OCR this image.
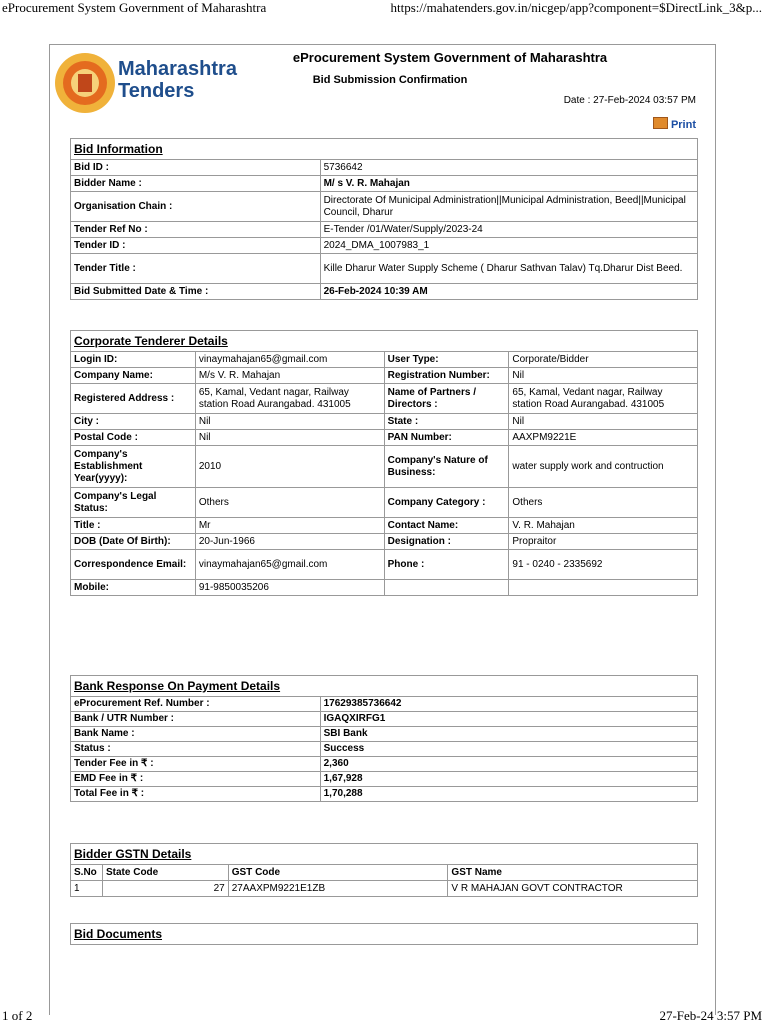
eProcurement System Government of Maharashtra	https://mahatenders.gov.in/nicgep/app?component=$DirectLink_3&p...
Maharashtra
Tenders
eProcurement System Government of Maharashtra
Bid Submission Confirmation
Date : 27-Feb-2024 03:57 PM
Print
Bid Information	
Bid ID :	5736642
Bidder Name :	M/ s V. R. Mahajan
Organisation Chain :	Directorate Of Municipal Administration||Municipal Administration, Beed||Municipal Council, Dharur
Tender Ref No :	E-Tender /01/Water/Supply/2023-24
Tender ID :	2024_DMA_1007983_1
Tender Title :	Kille Dharur Water Supply Scheme ( Dharur Sathvan Talav) Tq.Dharur Dist Beed.
Bid Submitted Date & Time :	26-Feb-2024 10:39 AM
Corporate Tenderer Details			
Login ID:	vinaymahajan65@gmail.com	User Type:	Corporate/Bidder
Company Name:	M/s V. R. Mahajan	Registration Number:	Nil
Registered Address :	65, Kamal, Vedant nagar, Railway station Road Aurangabad. 431005	Name of Partners / Directors :	65, Kamal, Vedant nagar, Railway station Road Aurangabad. 431005
City :	Nil	State :	Nil
Postal Code :	Nil	PAN Number:	AAXPM9221E
Company's Establishment Year(yyyy):	2010	Company's Nature of Business:	water supply work and contruction
Company's Legal Status:	Others	Company Category :	Others
Title :	Mr	Contact Name:	V. R. Mahajan
DOB (Date Of Birth):	20-Jun-1966	Designation :	Propraitor
Correspondence Email:	vinaymahajan65@gmail.com	Phone :	91 - 0240 - 2335692
Mobile:	91-9850035206		
Bank Response On Payment Details	
eProcurement Ref. Number :	17629385736642
Bank / UTR Number :	IGAQXIRFG1
Bank Name :	SBI Bank
Status :	Success
Tender Fee in ₹ :	2,360
EMD Fee in ₹ :	1,67,928
Total Fee in ₹ :	1,70,288
Bidder GSTN Details			
S.No	State Code	GST Code	GST Name
1	27	27AAXPM9221E1ZB	V R MAHAJAN GOVT CONTRACTOR
Bid Documents
1 of 2	27-Feb-24 3:57 PM
